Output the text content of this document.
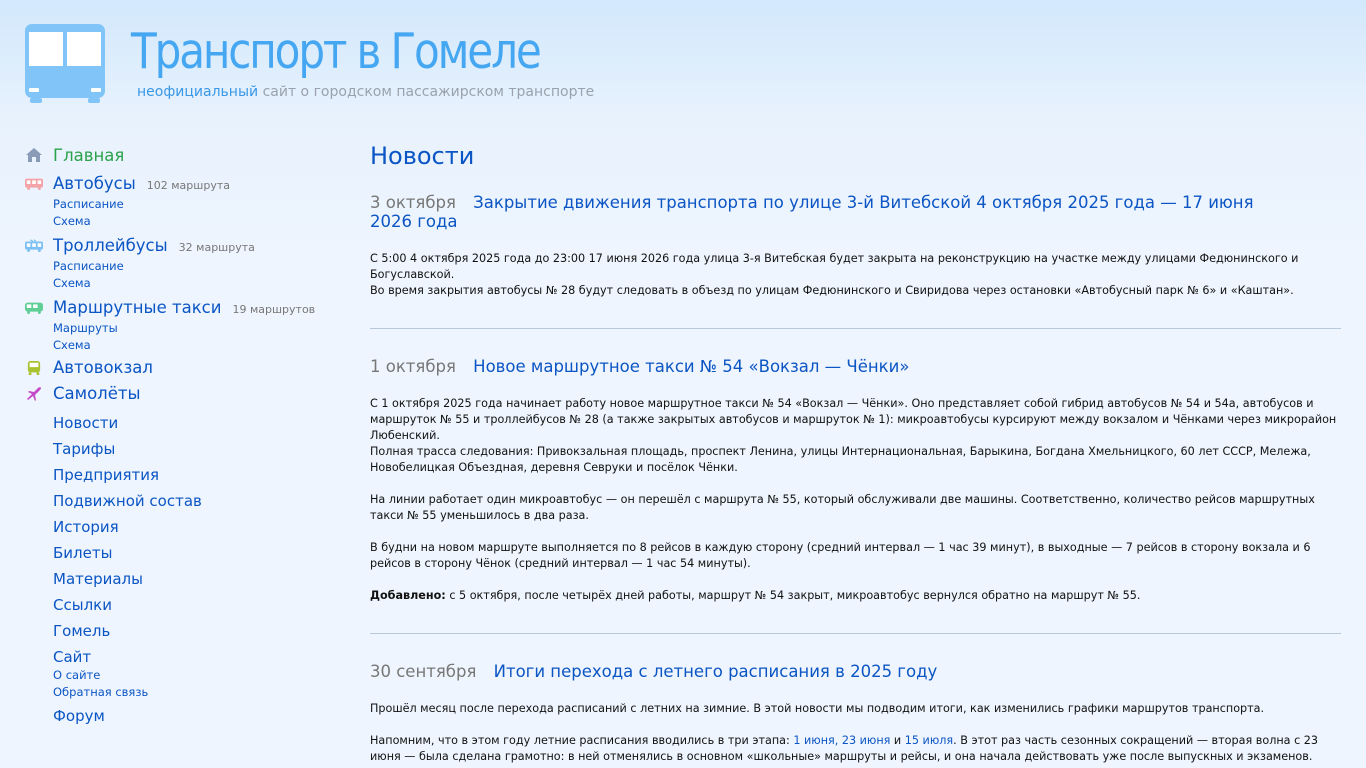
Транспорт в Гомеле
неофициальный сайт о городском пассажирском транспорте
Главная
Автобусы 102 маршрута
Расписание
Схема
Троллейбусы 32 маршрута
Расписание
Схема
Маршрутные такси 19 маршрутов
Маршруты
Схема
Автовокзал
Самолёты
Новости
Тарифы
Предприятия
Подвижной состав
История
Билеты
Материалы
Ссылки
Гомель
Сайт
О сайте
Обратная связь
Форум
Новости
3 октября Закрытие движения транспорта по улице 3-й Витебской 4 октября 2025 года — 17 июня 2026 года

С 5:00 4 октября 2025 года до 23:00 17 июня 2026 года улица 3-я Витебская будет закрыта на реконструкцию на участке между улицами Федюнинского и Богуславской.

Во время закрытия автобусы № 28 будут следовать в объезд по улицам Федюнинского и Свиридова через остановки «Автобусный парк № 6» и «Каштан».

1 октября Новое маршрутное такси № 54 «Вокзал — Чёнки»

С 1 октября 2025 года начинает работу новое маршрутное такси № 54 «Вокзал — Чёнки». Оно представляет собой гибрид автобусов № 54 и 54а, автобусов и маршруток № 55 и троллейбусов № 28 (а также закрытых автобусов и маршруток № 1): микроавтобусы курсируют между вокзалом и Чёнками через микрорайон Любенский.

Полная трасса следования: Привокзальная площадь, проспект Ленина, улицы Интернациональная, Барыкина, Богдана Хмельницкого, 60 лет СССР, Мележа, Новобелицкая Объездная, деревня Севруки и посёлок Чёнки.

На линии работает один микроавтобус — он перешёл с маршрута № 55, который обслуживали две машины. Соответственно, количество рейсов маршрутных такси № 55 уменьшилось в два раза.

В будни на новом маршруте выполняется по 8 рейсов в каждую сторону (средний интервал — 1 час 39 минут), в выходные — 7 рейсов в сторону вокзала и 6 рейсов в сторону Чёнок (средний интервал — 1 час 54 минуты).

Добавлено: с 5 октября, после четырёх дней работы, маршрут № 54 закрыт, микроавтобус вернулся обратно на маршрут № 55.

30 сентября Итоги перехода с летнего расписания в 2025 году

Прошёл месяц после перехода расписаний с летних на зимние. В этой новости мы подводим итоги, как изменились графики маршрутов транспорта.

Напомним, что в этом году летние расписания вводились в три этапа: 1 июня, 23 июня и 15 июля. В этот раз часть сезонных сокращений — вторая волна с 23 июня — была сделана грамотно: в ней отменялись в основном «школьные» маршруты и рейсы, и она начала действовать уже после выпускных и экзаменов.
